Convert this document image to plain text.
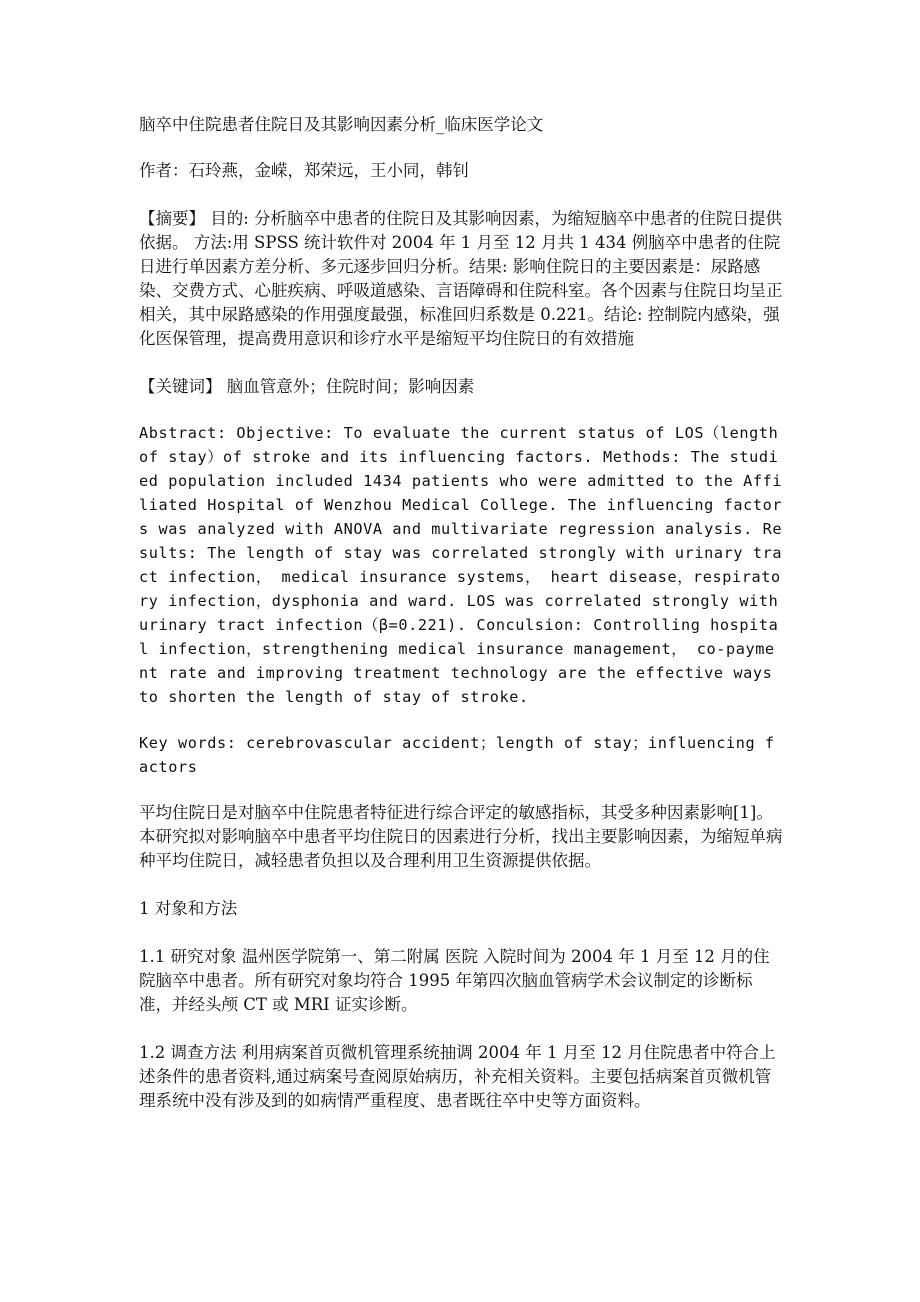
脑卒中住院患者住院日及其影响因素分析_临床医学论文

作者：石玲燕，金嵘，郑荣远，王小同，韩钊

【摘要】 目的: 分析脑卒中患者的住院日及其影响因素，为缩短脑卒中患者的住院日提供依据。 方法:用 SPSS 统计软件对 2004 年 1 月至 12 月共 1 434 例脑卒中患者的住院日进行单因素方差分析、多元逐步回归分析。结果: 影响住院日的主要因素是：尿路感染、交费方式、心脏疾病、呼吸道感染、言语障碍和住院科室。各个因素与住院日均呈正相关，其中尿路感染的作用强度最强，标准回归系数是 0.221。结论: 控制院内感染，强化医保管理，提高费用意识和诊疗水平是缩短平均住院日的有效措施

【关键词】 脑血管意外；住院时间；影响因素

Abstract: Objective: To evaluate the current status of LOS（length of stay）of stroke and its influencing factors. Methods: The studied population included 1434 patients who were admitted to the Affiliated Hospital of Wenzhou Medical College. The influencing factors was analyzed with ANOVA and multivariate regression analysis. Results: The length of stay was correlated strongly with urinary tract infection， medical insurance systems， heart disease，respiratory infection，dysphonia and ward. LOS was correlated strongly with urinary tract infection（β=0.221). Conculsion: Controlling hospital infection，strengthening medical insurance management， co-payment rate and improving treatment technology are the effective ways to shorten the length of stay of stroke.

Key words: cerebrovascular accident；length of stay；influencing factors

平均住院日是对脑卒中住院患者特征进行综合评定的敏感指标，其受多种因素影响[1]。本研究拟对影响脑卒中患者平均住院日的因素进行分析，找出主要影响因素，为缩短单病种平均住院日，减轻患者负担以及合理利用卫生资源提供依据。

1 对象和方法

1.1 研究对象 温州医学院第一、第二附属 医院 入院时间为 2004 年 1 月至 12 月的住院脑卒中患者。所有研究对象均符合 1995 年第四次脑血管病学术会议制定的诊断标准，并经头颅 CT 或 MRI 证实诊断。

1.2 调查方法 利用病案首页微机管理系统抽调 2004 年 1 月至 12 月住院患者中符合上述条件的患者资料,通过病案号查阅原始病历，补充相关资料。主要包括病案首页微机管理系统中没有涉及到的如病情严重程度、患者既往卒中史等方面资料。
